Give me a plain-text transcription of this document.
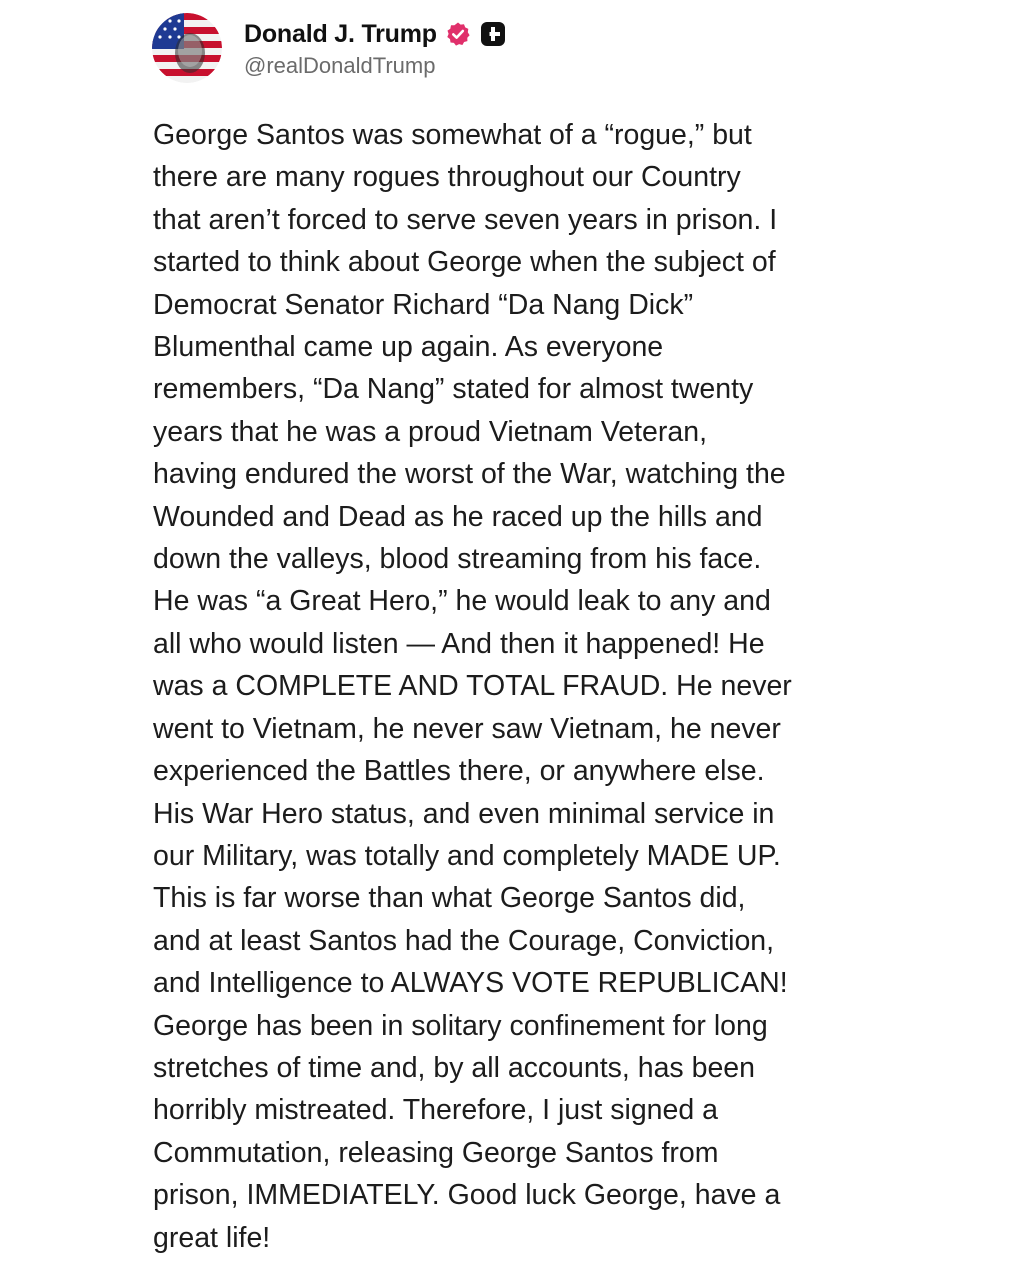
Donald J. Trump
@realDonaldTrump
George Santos was somewhat of a “rogue,” but
there are many rogues throughout our Country
that aren’t forced to serve seven years in prison. I
started to think about George when the subject of
Democrat Senator Richard “Da Nang Dick”
Blumenthal came up again. As everyone
remembers, “Da Nang” stated for almost twenty
years that he was a proud Vietnam Veteran,
having endured the worst of the War, watching the
Wounded and Dead as he raced up the hills and
down the valleys, blood streaming from his face.
He was “a Great Hero,” he would leak to any and
all who would listen — And then it happened! He
was a COMPLETE AND TOTAL FRAUD. He never
went to Vietnam, he never saw Vietnam, he never
experienced the Battles there, or anywhere else.
His War Hero status, and even minimal service in
our Military, was totally and completely MADE UP.
This is far worse than what George Santos did,
and at least Santos had the Courage, Conviction,
and Intelligence to ALWAYS VOTE REPUBLICAN!
George has been in solitary confinement for long
stretches of time and, by all accounts, has been
horribly mistreated. Therefore, I just signed a
Commutation, releasing George Santos from
prison, IMMEDIATELY. Good luck George, have a
great life!
